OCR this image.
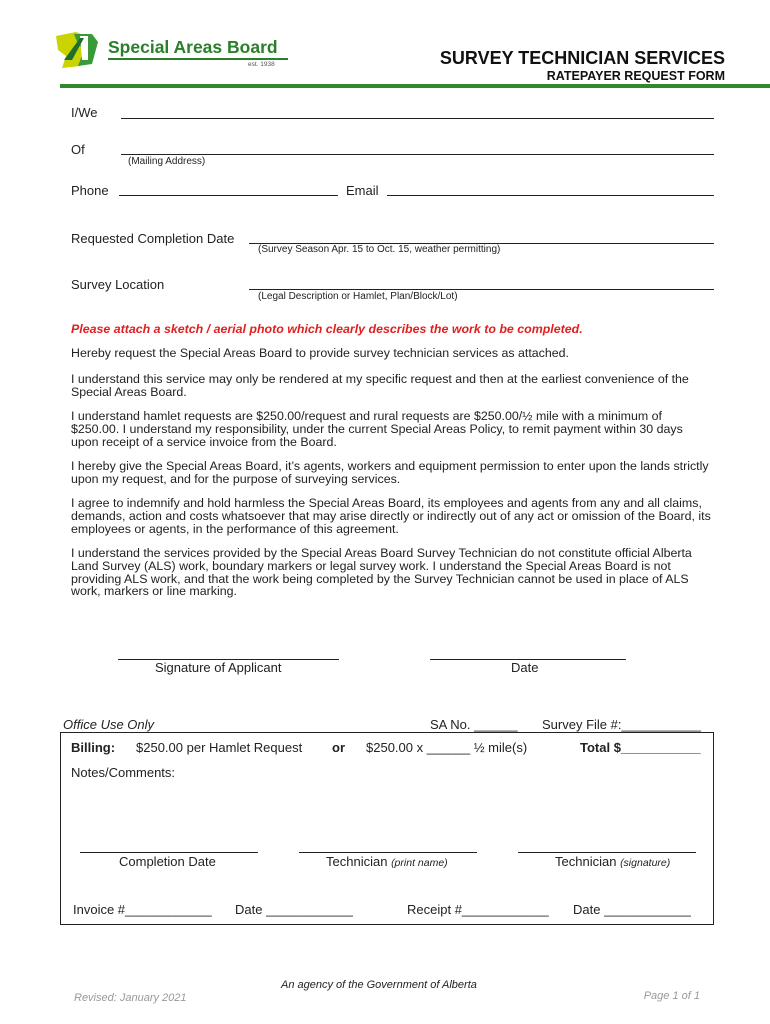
Special Areas Board
est. 1938	SURVEY TECHNICIAN SERVICES
RATEPAYER REQUEST FORM
I/We
Of
(Mailing Address)
Phone	Email
Requested Completion Date
(Survey Season Apr. 15 to Oct. 15, weather permitting)
Survey Location
(Legal Description or Hamlet, Plan/Block/Lot)
Please attach a sketch / aerial photo which clearly describes the work to be completed.
Hereby request the Special Areas Board to provide survey technician services as attached.
I understand this service may only be rendered at my specific request and then at the earliest convenience of the Special Areas Board.
I understand hamlet requests are $250.00/request and rural requests are $250.00/½ mile with a minimum of $250.00. I understand my responsibility, under the current Special Areas Policy, to remit payment within 30 days upon receipt of a service invoice from the Board.
I hereby give the Special Areas Board, it’s agents, workers and equipment permission to enter upon the lands strictly upon my request, and for the purpose of surveying services.
I agree to indemnify and hold harmless the Special Areas Board, its employees and agents from any and all claims, demands, action and costs whatsoever that may arise directly or indirectly out of any act or omission of the Board, its employees or agents, in the performance of this agreement.
I understand the services provided by the Special Areas Board Survey Technician do not constitute official Alberta Land Survey (ALS) work, boundary markers or legal survey work. I understand the Special Areas Board is not providing ALS work, and that the work being completed by the Survey Technician cannot be used in place of ALS work, markers or line marking.
Signature of Applicant	Date
Office Use Only	SA No. ______ Survey File #:___________
Billing: $250.00 per Hamlet Request or $250.00 x ______ ½ mile(s)	Total $___________
Notes/Comments:
Completion Date	Technician (print name)	Technician (signature)
Invoice #____________ Date ____________	Receipt #____________ Date ____________
An agency of the Government of Alberta
Revised: January 2021	Page 1 of 1
